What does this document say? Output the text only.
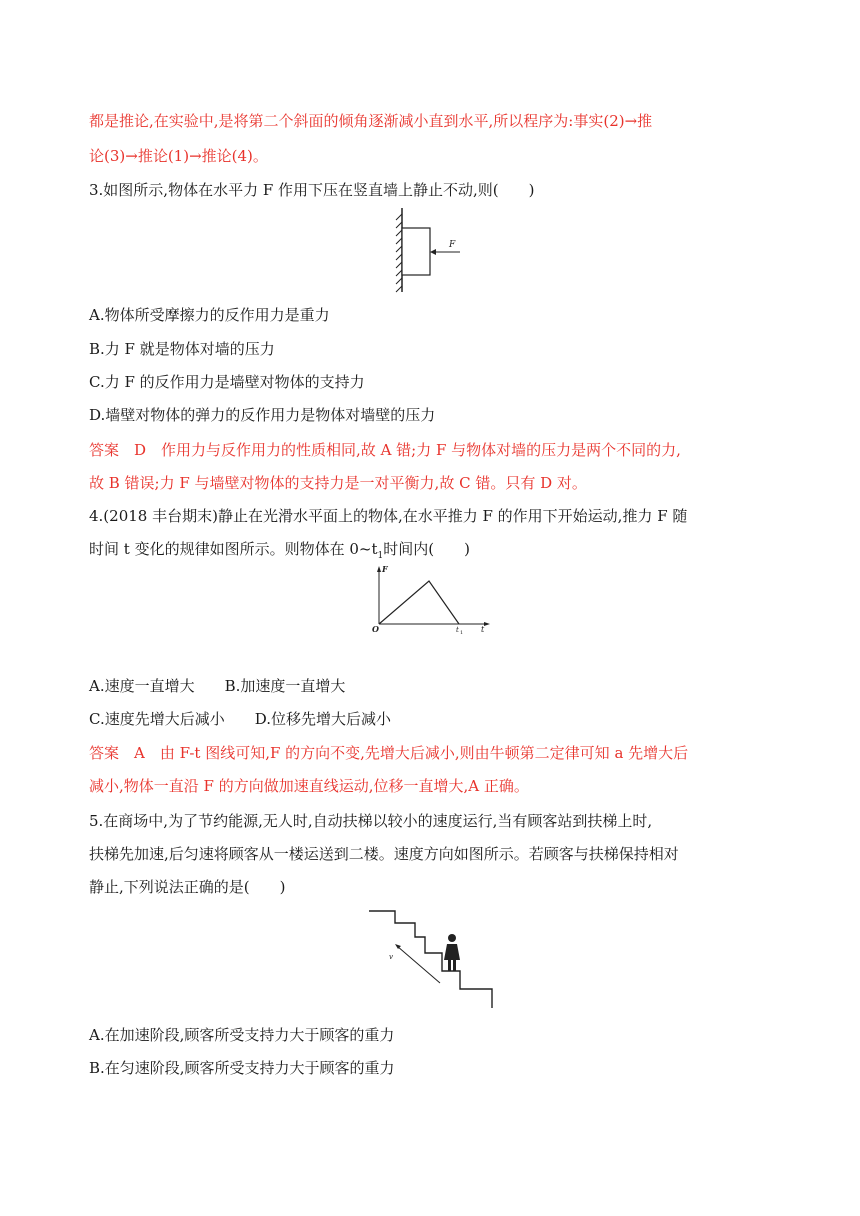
都是推论,在实验中,是将第二个斜面的倾角逐渐减小直到水平,所以程序为:事实(2)→推
论(3)→推论(1)→推论(4)。
3.如图所示,物体在水平力 F 作用下压在竖直墙上静止不动,则(　　)
F
A.物体所受摩擦力的反作用力是重力
B.力 F 就是物体对墙的压力
C.力 F 的反作用力是墙壁对物体的支持力
D.墙壁对物体的弹力的反作用力是物体对墙壁的压力
答案　D　作用力与反作用力的性质相同,故 A 错;力 F 与物体对墙的压力是两个不同的力,
故 B 错误;力 F 与墙壁对物体的支持力是一对平衡力,故 C 错。只有 D 对。
4.(2018 丰台期末)静止在光滑水平面上的物体,在水平推力 F 的作用下开始运动,推力 F 随
时间 t 变化的规律如图所示。则物体在 $0\sim t_1$时间内(　　)
F
O	t 1 t
A.速度一直增大　　B.加速度一直增大
C.速度先增大后减小　　D.位移先增大后减小
答案　A　由 F-t 图线可知,F 的方向不变,先增大后减小,则由牛顿第二定律可知 a 先增大后
减小,物体一直沿 F 的方向做加速直线运动,位移一直增大,A 正确。
5.在商场中,为了节约能源,无人时,自动扶梯以较小的速度运行,当有顾客站到扶梯上时,
扶梯先加速,后匀速将顾客从一楼运送到二楼。速度方向如图所示。若顾客与扶梯保持相对
静止,下列说法正确的是(　　)
v
A.在加速阶段,顾客所受支持力大于顾客的重力
B.在匀速阶段,顾客所受支持力大于顾客的重力
